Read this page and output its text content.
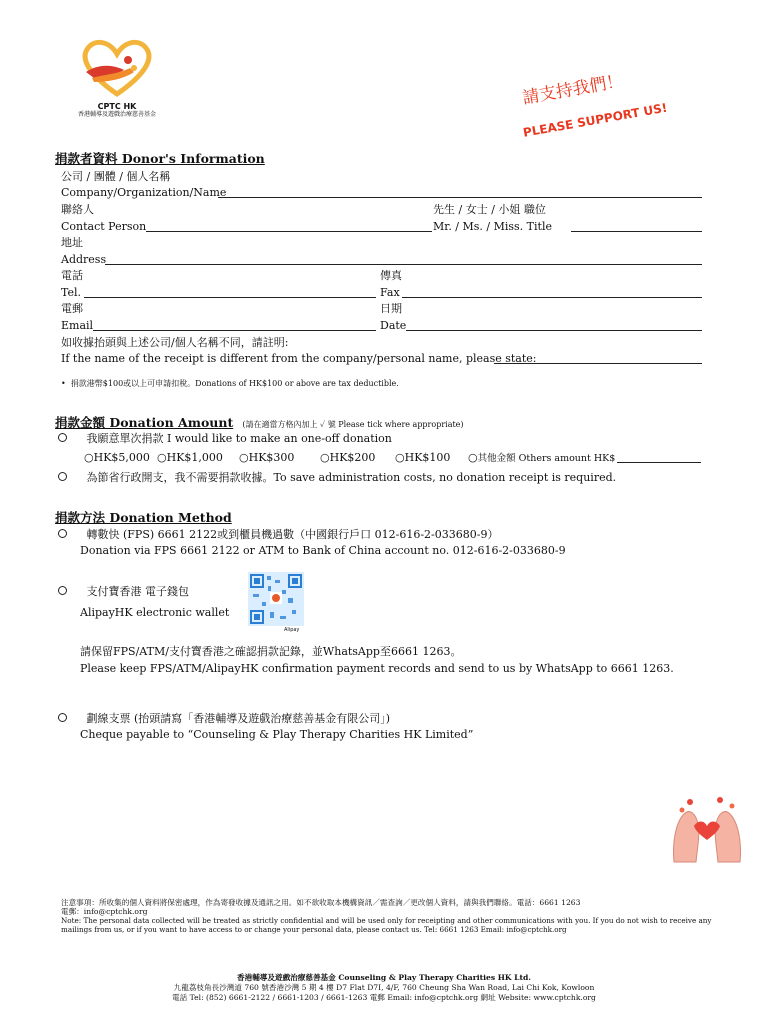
CPTC HK
香港輔導及遊戲治療慈善基金
請支持我們！
PLEASE SUPPORT US!
捐款者資料 Donor's Information
公司 / 團體 / 個人名稱
Company/Organization/Name
聯絡人	先生 / 女士 / 小姐 職位
Contact Person	Mr. / Ms. / Miss. Title
地址
Address
電話	傳真
Tel.	Fax
電郵	日期
Email	Date
如收據抬頭與上述公司/個人名稱不同，請註明:
If the name of the receipt is different from the company/personal name, please state:
•  捐款港幣$100或以上可申請扣稅。Donations of HK$100 or above are tax deductible.
捐款金額 Donation Amount (請在適當方格內加上 ✓ 號 Please tick where appropriate)
我願意單次捐款 I would like to make an one-off donation
○HK$5,000 ○HK$1,000 ○HK$300 ○HK$200 ○HK$100 ○其他金額 Others amount HK$
為節省行政開支，我不需要捐款收據。To save administration costs, no donation receipt is required.
捐款方法 Donation Method
轉數快 (FPS) 6661 2122或到櫃員機過數（中國銀行戶口 012-616-2-033680-9）
Donation via FPS 6661 2122 or ATM to Bank of China account no. 012-616-2-033680-9
支付寶香港 電子錢包
AlipayHK electronic wallet
Alipay
請保留FPS/ATM/支付寶香港之確認捐款記錄，並WhatsApp至6661 1263。
Please keep FPS/ATM/AlipayHK confirmation payment records and send to us by WhatsApp to 6661 1263.
劃線支票 (抬頭請寫「香港輔導及遊戲治療慈善基金有限公司」)
Cheque payable to “Counseling & Play Therapy Charities HK Limited”
注意事項：所收集的個人資料將保密處理，作為寄發收據及通訊之用。如不欲收取本機構資訊／需查詢／更改個人資料，請與我們聯絡。電話：6661 1263
電郵：info@cptchk.org
Note: The personal data collected will be treated as strictly confidential and will be used only for receipting and other communications with you. If you do not wish to receive any
mailings from us, or if you want to have access to or change your personal data, please contact us. Tel: 6661 1263 Email: info@cptchk.org
香港輔導及遊戲治療慈善基金 Counseling & Play Therapy Charities HK Ltd.
九龍荔枝角長沙灣道 760 號香港沙灣 5 期 4 樓 D7 Flat D7I, 4/F, 760 Cheung Sha Wan Road, Lai Chi Kok, Kowloon
電話 Tel: (852) 6661-2122 / 6661-1203 / 6661-1263 電郵 Email: info@cptchk.org 網址 Website: www.cptchk.org
